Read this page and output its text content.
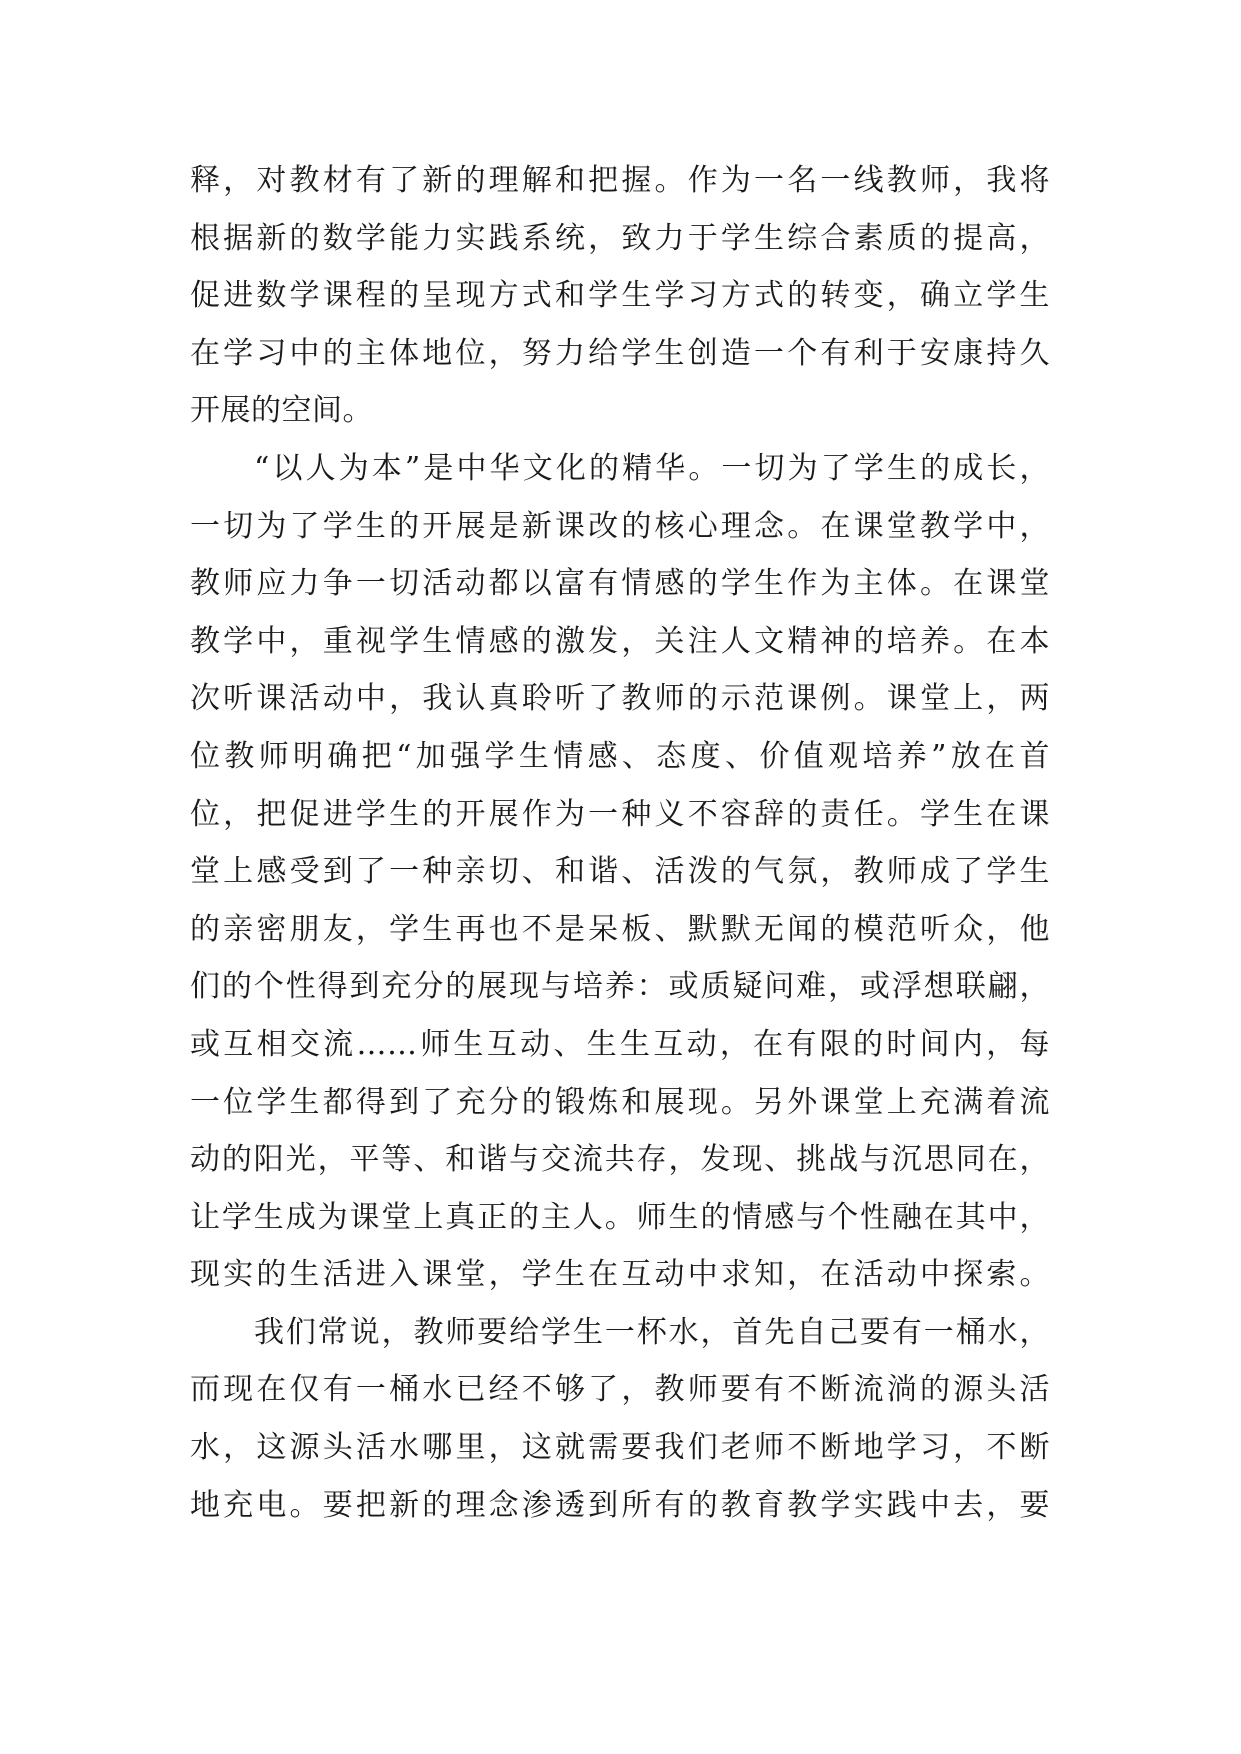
释，对教材有了新的理解和把握。作为一名一线教师，我将
根据新的数学能力实践系统，致力于学生综合素质的提高，
促进数学课程的呈现方式和学生学习方式的转变，确立学生
在学习中的主体地位，努力给学生创造一个有利于安康持久
开展的空间。
“以人为本”是中华文化的精华。一切为了学生的成长，
一切为了学生的开展是新课改的核心理念。在课堂教学中，
教师应力争一切活动都以富有情感的学生作为主体。在课堂
教学中，重视学生情感的激发，关注人文精神的培养。在本
次听课活动中，我认真聆听了教师的示范课例。课堂上，两
位教师明确把“加强学生情感、态度、价值观培养”放在首
位，把促进学生的开展作为一种义不容辞的责任。学生在课
堂上感受到了一种亲切、和谐、活泼的气氛，教师成了学生
的亲密朋友，学生再也不是呆板、默默无闻的模范听众，他
们的个性得到充分的展现与培养：或质疑问难，或浮想联翩，
或互相交流……师生互动、生生互动，在有限的时间内，每
一位学生都得到了充分的锻炼和展现。另外课堂上充满着流
动的阳光，平等、和谐与交流共存，发现、挑战与沉思同在，
让学生成为课堂上真正的主人。师生的情感与个性融在其中，
现实的生活进入课堂，学生在互动中求知，在活动中探索。
我们常说，教师要给学生一杯水，首先自己要有一桶水，
而现在仅有一桶水已经不够了，教师要有不断流淌的源头活
水，这源头活水哪里，这就需要我们老师不断地学习，不断
地充电。要把新的理念渗透到所有的教育教学实践中去，要
